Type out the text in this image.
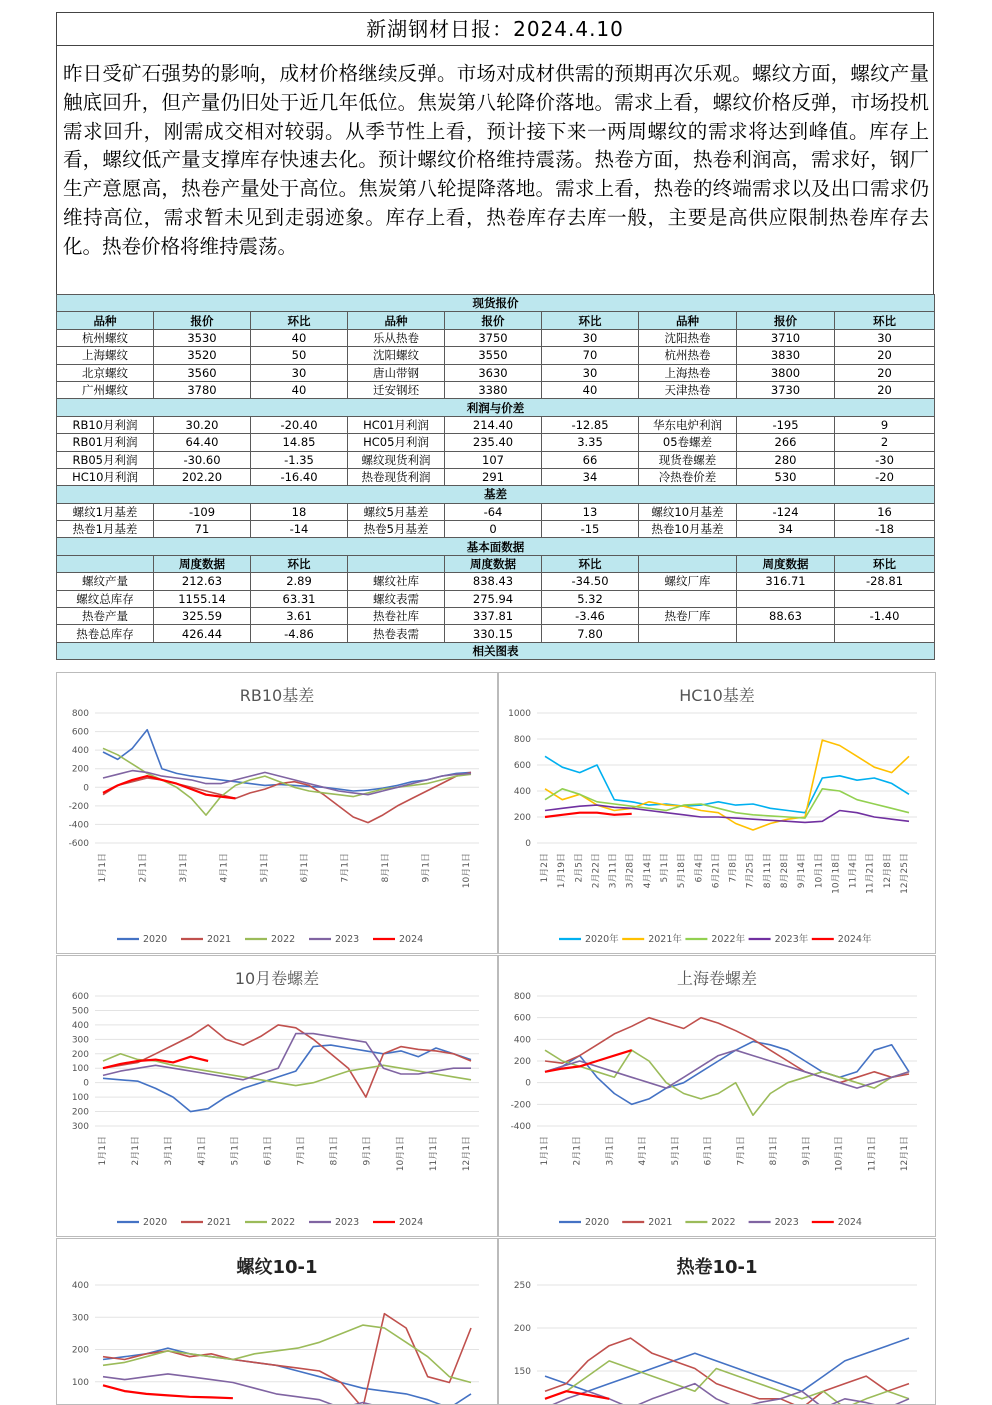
新湖钢材日报：2024.4.10
昨日受矿石强势的影响，成材价格继续反弹。市场对成材供需的预期再次乐观。螺纹方面，螺纹产量触底回升，但产量仍旧处于近几年低位。焦炭第八轮降价落地。需求上看，螺纹价格反弹，市场投机需求回升，刚需成交相对较弱。从季节性上看，预计接下来一两周螺纹的需求将达到峰值。库存上看，螺纹低产量支撑库存快速去化。预计螺纹价格维持震荡。热卷方面，热卷利润高，需求好，钢厂生产意愿高，热卷产量处于高位。焦炭第八轮提降落地。需求上看，热卷的终端需求以及出口需求仍维持高位，需求暂未见到走弱迹象。库存上看，热卷库存去库一般，主要是高供应限制热卷库存去化。热卷价格将维持震荡。
现货报价								
品种	报价	环比	品种	报价	环比	品种	报价	环比
杭州螺纹	3530	40	乐从热卷	3750	30	沈阳热卷	3710	30
上海螺纹	3520	50	沈阳螺纹	3550	70	杭州热卷	3830	20
北京螺纹	3560	30	唐山带钢	3630	30	上海热卷	3800	20
广州螺纹	3780	40	迁安钢坯	3380	40	天津热卷	3730	20
利润与价差								
RB10月利润	30.20	-20.40	HC01月利润	214.40	-12.85	华东电炉利润	-195	9
RB01月利润	64.40	14.85	HC05月利润	235.40	3.35	05卷螺差	266	2
RB05月利润	-30.60	-1.35	螺纹现货利润	107	66	现货卷螺差	280	-30
HC10月利润	202.20	-16.40	热卷现货利润	291	34	冷热卷价差	530	-20
基差								
螺纹1月基差	-109	18	螺纹5月基差	-64	13	螺纹10月基差	-124	16
热卷1月基差	71	-14	热卷5月基差	0	-15	热卷10月基差	34	-18
基本面数据								
	周度数据	环比		周度数据	环比		周度数据	环比
螺纹产量	212.63	2.89	螺纹社库	838.43	-34.50	螺纹厂库	316.71	-28.81
螺纹总库存	1155.14	63.31	螺纹表需	275.94	5.32			
热卷产量	325.59	3.61	热卷社库	337.81	-3.46	热卷厂库	88.63	-1.40
热卷总库存	426.44	-4.86	热卷表需	330.15	7.80			
相关图表								
RB10基差
800
600
400
200
0
-200
-400
-600
1月1日	2月1日	3月1日	4月1日	5月1日	6月1日	7月1日	8月1日	9月1日	10月1日
2020	2021	2022	2023	2024
HC10基差
1000
800
600
400
200
0
1月2日 1月19日 2月5日 2月22日 3月11日 3月28日 4月14日 5月1日 5月18日 6月4日 6月21日 7月8日 7月25日 8月11日 8月28日 9月14日 10月1日 10月18日 11月4日 11月21日 12月8日 12月25日
2020年	2021年	2022年	2023年	2024年
10月卷螺差
600
500
400
300
200
100
0
100
200
300
1月1日	2月1日	3月1日	4月1日	5月1日	6月1日	7月1日	8月1日	9月1日	10月1日	11月1日	12月1日
2020	2021	2022	2023	2024
上海卷螺差
800
600
400
200
0
-200
-400
1月1日	2月1日	3月1日	4月1日	5月1日	6月1日	7月1日	8月1日	9月1日	10月1日	11月1日	12月1日
2020	2021	2022	2023	2024
螺纹10-1
400
300
200
100
热卷10-1
250
200
150
